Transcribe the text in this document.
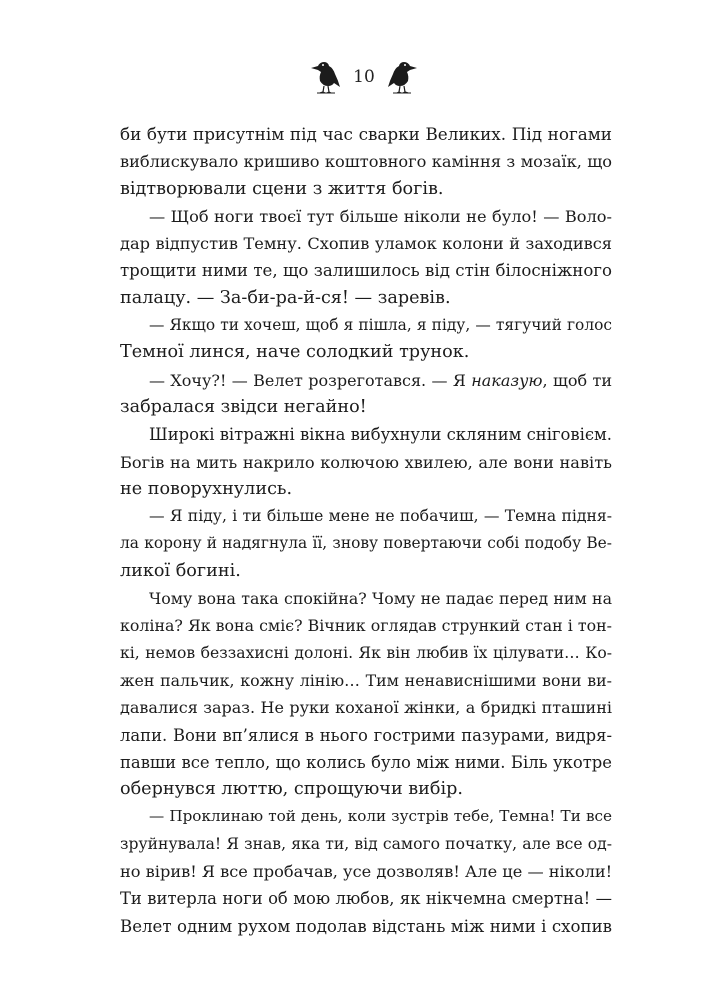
10
би бути присутнім під час сварки Великих. Під ногами
виблискувало кришиво коштовного каміння з мозаїк, що
відтворювали сцени з життя богів.
— Щоб ноги твоєї тут більше ніколи не було! — Воло-
дар відпустив Темну. Схопив уламок колони й заходився
трощити ними те, що залишилось від стін білосніжного
палацу. — За-би-ра-й-ся! — заревів.
— Якщо ти хочеш, щоб я пішла, я піду, — тягучий голос
Темної линся, наче солодкий трунок.
— Хочу?! — Велет розреготався. — Я наказую, щоб ти
забралася звідси негайно!
Широкі вітражні вікна вибухнули скляним сніговієм.
Богів на мить накрило колючою хвилею, але вони навіть
не поворухнулись.
— Я піду, і ти більше мене не побачиш, — Темна підня-
ла корону й надягнула її, знову повертаючи собі подобу Ве-
ликої богині.
Чому вона така спокійна? Чому не падає перед ним на
коліна? Як вона сміє? Вічник оглядав стрункий стан і тон-
кі, немов беззахисні долоні. Як він любив їх цілувати… Ко-
жен пальчик, кожну лінію… Тим ненависнішими вони ви-
давалися зараз. Не руки коханої жінки, а бридкі пташині
лапи. Вони вп’ялися в нього гострими пазурами, видря-
павши все тепло, що колись було між ними. Біль укотре
обернувся люттю, спрощуючи вибір.
— Проклинаю той день, коли зустрів тебе, Темна! Ти все
зруйнувала! Я знав, яка ти, від самого початку, але все од-
но вірив! Я все пробачав, усе дозволяв! Але це — ніколи!
Ти витерла ноги об мою любов, як нікчемна смертна! —
Велет одним рухом подолав відстань між ними і схопив
